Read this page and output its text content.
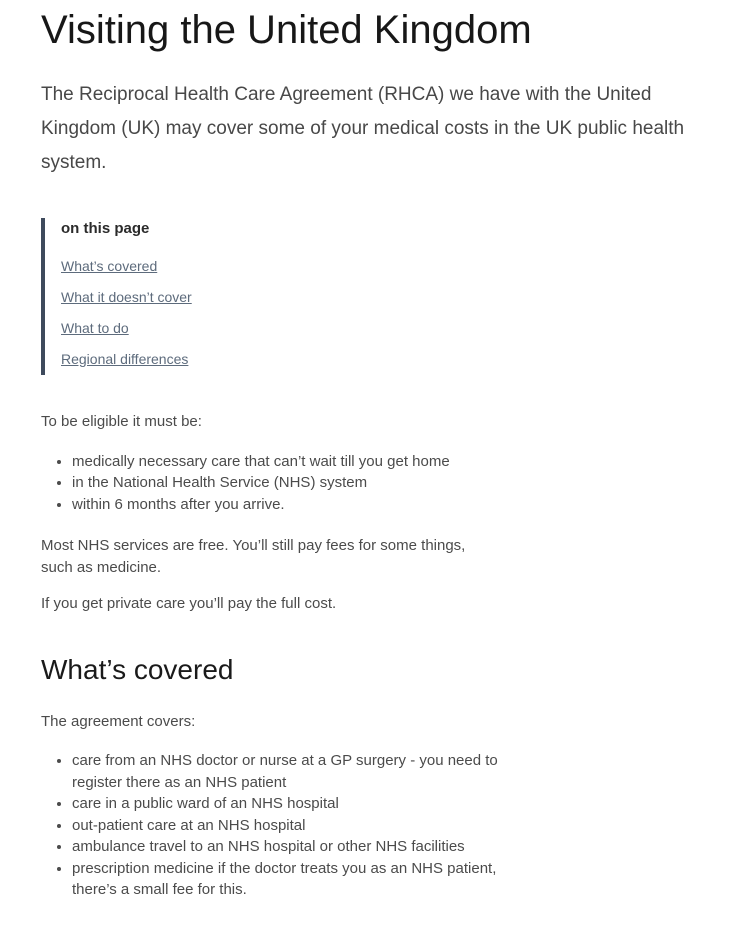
Visiting the United Kingdom

The Reciprocal Health Care Agreement (RHCA) we have with the United Kingdom (UK) may cover some of your medical costs in the UK public health system.

on this page
What’s covered
What it doesn’t cover
What to do
Regional differences

To be eligible it must be:

• medically necessary care that can’t wait till you get home
• in the National Health Service (NHS) system
• within 6 months after you arrive.

Most NHS services are free. You’ll still pay fees for some things, such as medicine.

If you get private care you’ll pay the full cost.

What’s covered

The agreement covers:

• care from an NHS doctor or nurse at a GP surgery - you need to register there as an NHS patient
• care in a public ward of an NHS hospital
• out-patient care at an NHS hospital
• ambulance travel to an NHS hospital or other NHS facilities
• prescription medicine if the doctor treats you as an NHS patient, there’s a small fee for this.
